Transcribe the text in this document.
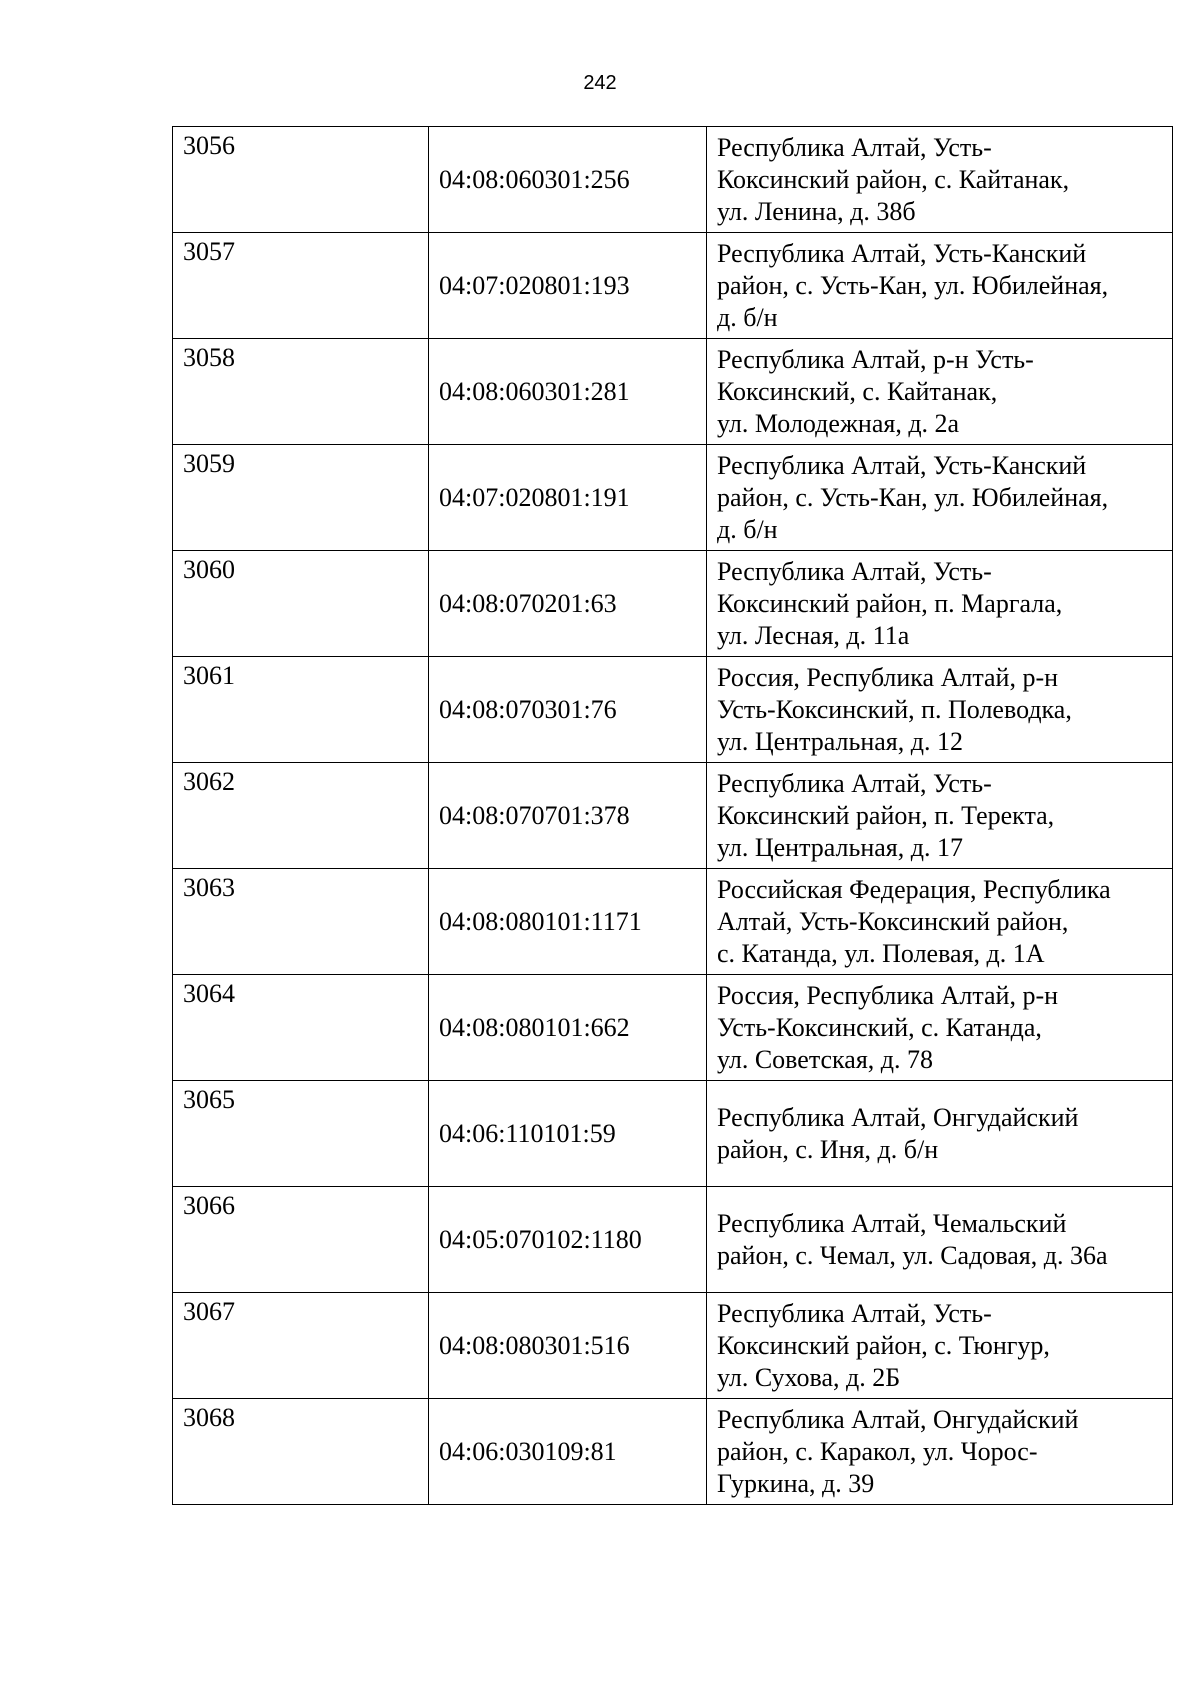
242
3056	04:08:060301:256	Республика Алтай, Усть-
Коксинский район, с. Кайтанак,
ул. Ленина, д. 38б

3057	04:07:020801:193	Республика Алтай, Усть-Канский
район, с. Усть-Кан, ул. Юбилейная,
д. б/н

3058	04:08:060301:281	Республика Алтай, р-н Усть-
Коксинский, с. Кайтанак,
ул. Молодежная, д. 2а

3059	04:07:020801:191	Республика Алтай, Усть-Канский
район, с. Усть-Кан, ул. Юбилейная,
д. б/н

3060	04:08:070201:63	Республика Алтай, Усть-
Коксинский район, п. Маргала,
ул. Лесная, д. 11а

3061	04:08:070301:76	Россия, Республика Алтай, р-н
Усть-Коксинский, п. Полеводка,
ул. Центральная, д. 12

3062	04:08:070701:378	Республика Алтай, Усть-
Коксинский район, п. Теректа,
ул. Центральная, д. 17

3063	04:08:080101:1171	Российская Федерация, Республика
Алтай, Усть-Коксинский район,
с. Катанда, ул. Полевая, д. 1А

3064	04:08:080101:662	Россия, Республика Алтай, р-н
Усть-Коксинский, с. Катанда,
ул. Советская, д. 78

3065	04:06:110101:59	Республика Алтай, Онгудайский
район, с. Иня, д. б/н

3066	04:05:070102:1180	Республика Алтай, Чемальский
район, с. Чемал, ул. Садовая, д. 36а

3067	04:08:080301:516	Республика Алтай, Усть-
Коксинский район, с. Тюнгур,
ул. Сухова, д. 2Б

3068	04:06:030109:81	Республика Алтай, Онгудайский
район, с. Каракол, ул. Чорос-
Гуркина, д. 39
